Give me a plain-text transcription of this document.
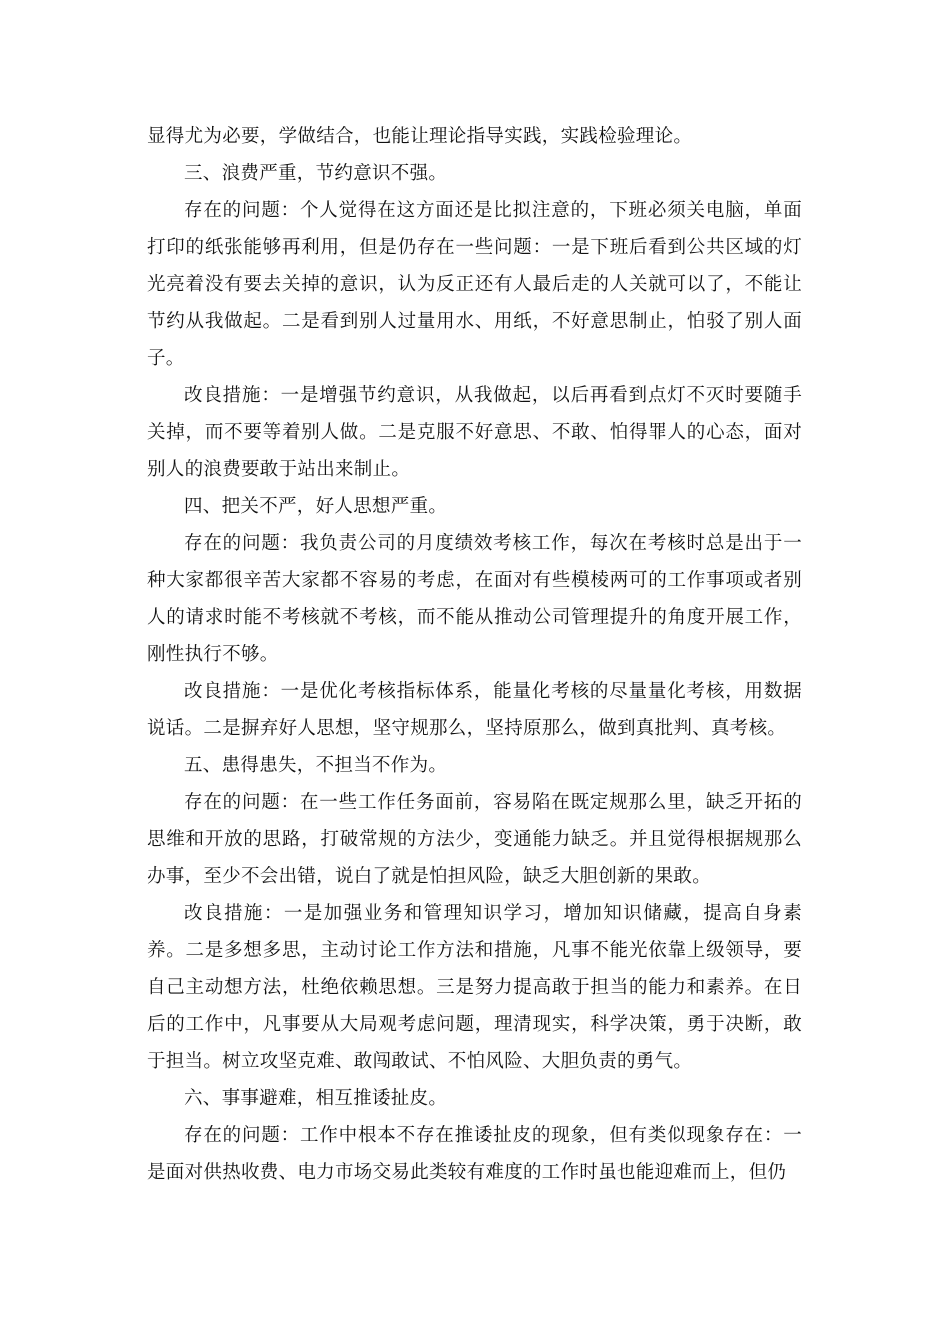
显得尤为必要，学做结合，也能让理论指导实践，实践检验理论。

三、浪费严重，节约意识不强。

存在的问题：个人觉得在这方面还是比拟注意的，下班必须关电脑，单面打印的纸张能够再利用，但是仍存在一些问题：一是下班后看到公共区域的灯光亮着没有要去关掉的意识，认为反正还有人最后走的人关就可以了，不能让节约从我做起。二是看到别人过量用水、用纸，不好意思制止，怕驳了别人面子。

改良措施：一是增强节约意识，从我做起，以后再看到点灯不灭时要随手关掉，而不要等着别人做。二是克服不好意思、不敢、怕得罪人的心态，面对别人的浪费要敢于站出来制止。

四、把关不严，好人思想严重。

存在的问题：我负责公司的月度绩效考核工作，每次在考核时总是出于一种大家都很辛苦大家都不容易的考虑，在面对有些模棱两可的工作事项或者别人的请求时能不考核就不考核，而不能从推动公司管理提升的角度开展工作，刚性执行不够。

改良措施：一是优化考核指标体系，能量化考核的尽量量化考核，用数据说话。二是摒弃好人思想，坚守规那么，坚持原那么，做到真批判、真考核。

五、患得患失，不担当不作为。

存在的问题：在一些工作任务面前，容易陷在既定规那么里，缺乏开拓的思维和开放的思路，打破常规的方法少，变通能力缺乏。并且觉得根据规那么办事，至少不会出错，说白了就是怕担风险，缺乏大胆创新的果敢。

改良措施：一是加强业务和管理知识学习，增加知识储藏，提高自身素养。二是多想多思，主动讨论工作方法和措施，凡事不能光依靠上级领导，要自己主动想方法，杜绝依赖思想。三是努力提高敢于担当的能力和素养。在日后的工作中，凡事要从大局观考虑问题，理清现实，科学决策，勇于决断，敢于担当。树立攻坚克难、敢闯敢试、不怕风险、大胆负责的勇气。

六、事事避难，相互推诿扯皮。

存在的问题：工作中根本不存在推诿扯皮的现象，但有类似现象存在：一是面对供热收费、电力市场交易此类较有难度的工作时虽也能迎难而上，但仍
